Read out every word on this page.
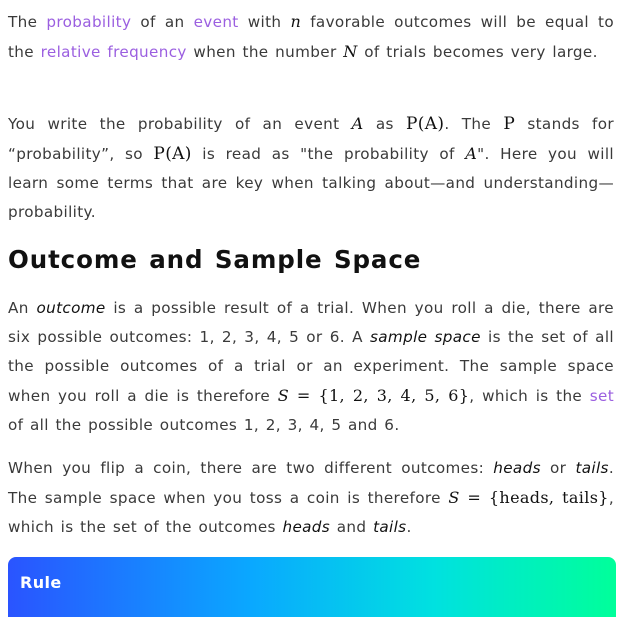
The probability of an event with n favorable outcomes will be equal to the relative frequency when the number N of trials becomes very large.

You write the probability of an event A as P(A). The P stands for “probability”, so P(A) is read as "the probability of A". Here you will learn some terms that are key when talking about—and understanding—probability.

Outcome and Sample Space

An outcome is a possible result of a trial. When you roll a die, there are six possible outcomes: 1, 2, 3, 4, 5 or 6. A sample space is the set of all the possible outcomes of a trial or an experiment. The sample space when you roll a die is therefore S = {1, 2, 3, 4, 5, 6}, which is the set of all the possible outcomes 1, 2, 3, 4, 5 and 6.

When you flip a coin, there are two different outcomes: heads or tails. The sample space when you toss a coin is therefore S = {heads, tails}, which is the set of the outcomes heads and tails.

Rule
